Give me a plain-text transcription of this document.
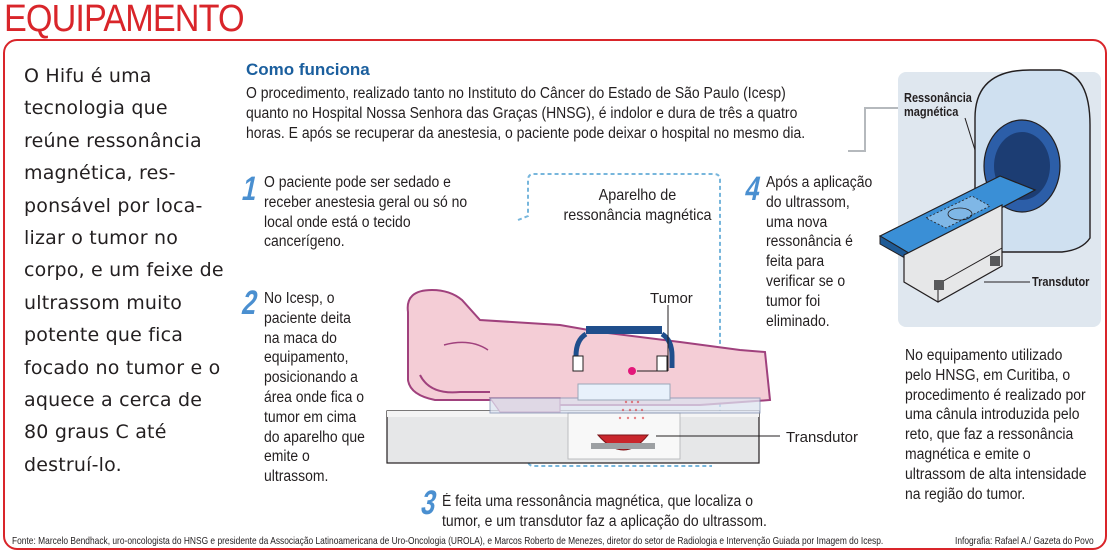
EQUIPAMENTO
O Hifu é uma tecnologia que reúne ressonância magnética, res-ponsável por loca-lizar o tumor no corpo, e um feixe de ultrassom muito potente que fica focado no tumor e o aquece a cerca de 80 graus C até destruí-lo.
Como funciona
O procedimento, realizado tanto no Instituto do Câncer do Estado de São Paulo (Icesp)
quanto no Hospital Nossa Senhora das Graças (HNSG), é indolor e dura de três a quatro
horas. E após se recuperar da anestesia, o paciente pode deixar o hospital no mesmo dia.
1 O paciente pode ser sedado e
receber anestesia geral ou só no
local onde está o tecido
cancerígeno.
2 No Icesp, o
paciente deita
na maca do
equipamento,
posicionando a
área onde fica o
tumor em cima
do aparelho que
emite o
ultrassom.
3 É feita uma ressonância magnética, que localiza o
tumor, e um transdutor faz a aplicação do ultrassom.
4 Após a aplicação
do ultrassom,
uma nova
ressonância é
feita para
verificar se o
tumor foi
eliminado.
Aparelho de
ressonância magnética
Tumor
Transdutor
Ressonância
magnética
Transdutor
No equipamento utilizado
pelo HNSG, em Curitiba, o
procedimento é realizado por
uma cânula introduzida pelo
reto, que faz a ressonância
magnética e emite o
ultrassom de alta intensidade
na região do tumor.
Fonte: Marcelo Bendhack, uro-oncologista do HNSG e presidente da Associação Latinoamericana de Uro-Oncologia (UROLA), e Marcos Roberto de Menezes, diretor do setor de Radiologia e Intervenção Guiada por Imagem do Icesp.	Infografia: Rafael A./ Gazeta do Povo
